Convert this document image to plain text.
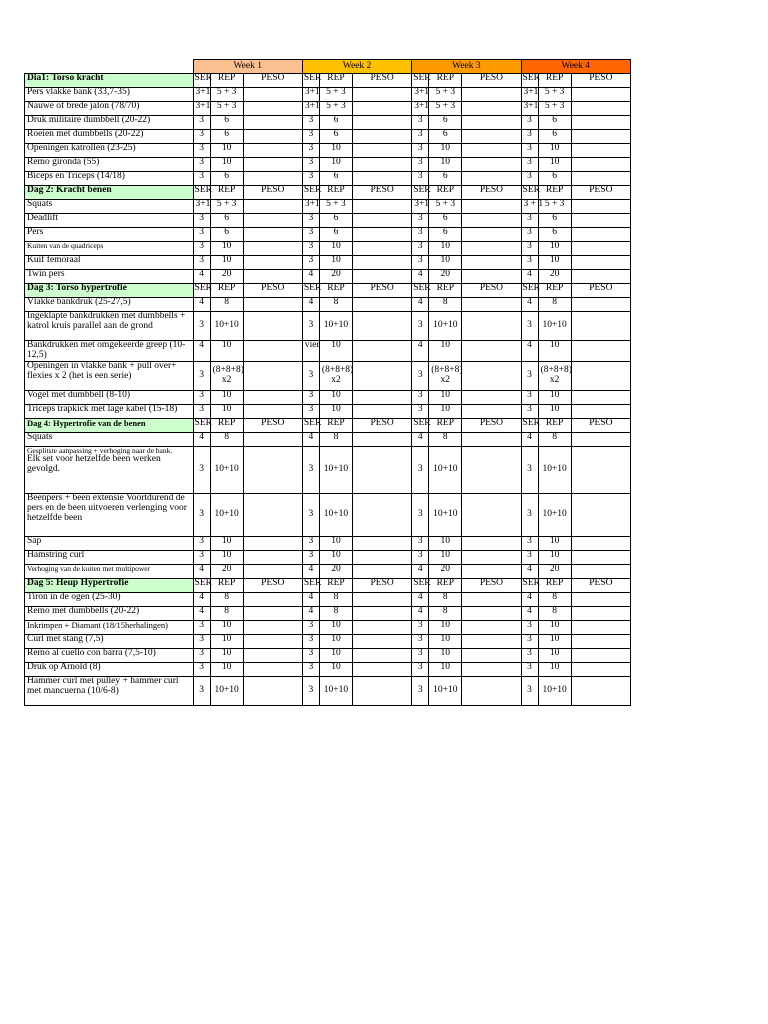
	Week 1			Week 2			Week 3			Week 4		
Dia1: Torso kracht	SER	REP	PESO	SER	REP	PESO	SER	REP	PESO	SER	REP	PESO
Pers vlakke bank (33,7-35)	3+1	5 + 3		3+1	5 + 3		3+1	5 + 3		3+1	5 + 3	
Nauwe of brede jalon (78/70)	3+1	5 + 3		3+1	5 + 3		3+1	5 + 3		3+1	5 + 3	
Druk militaire dumbbell (20-22)	3	6		3	6		3	6		3	6	
Roeien met dumbbells (20-22)	3	6		3	6		3	6		3	6	
Openingen katrollen (23-25)	3	10		3	10		3	10		3	10	
Remo gironda (55)	3	10		3	10		3	10		3	10	
Biceps en Triceps (14/18)	3	6		3	6		3	6		3	6	
Dag 2: Kracht benen	SER	REP	PESO	SER	REP	PESO	SER	REP	PESO	SER	REP	PESO
Squats	3+1	5 + 3		3+1	5 + 3		3+1	5 + 3		3 + 1	5 + 3	
Deadlift	3	6		3	6		3	6		3	6	
Pers	3	6		3	6		3	6		3	6	
Kuiten van de quadriceps	3	10		3	10		3	10		3	10	
Kuif femoraal	3	10		3	10		3	10		3	10	
Twin pers	4	20		4	20		4	20		4	20	
Dag 3: Torso hypertrofie	SER	REP	PESO	SER	REP	PESO	SER	REP	PESO	SER	REP	PESO
Vlakke bankdruk (25-27,5)	4	8		4	8		4	8		4	8	
Ingeklapte bankdrukken met dumbbells + katrol kruis parallel aan de grond	3	10+10		3	10+10		3	10+10		3	10+10	
Bankdrukken met omgekeerde greep (10-12,5)	4	10		vier	10		4	10		4	10	
Openingen in vlakke bank + pull over+ flexies x 2 (het is een serie)	3	(8+8+8) x2		3	(8+8+8) x2		3	(8+8+8) x2		3	(8+8+8) x2	
Vogel met dumbbell (8-10)	3	10		3	10		3	10		3	10	
Triceps trapkick met lage kabel (15-18)	3	10		3	10		3	10		3	10	
Dag 4: Hypertrofie van de benen	SER	REP	PESO	SER	REP	PESO	SER	REP	PESO	SER	REP	PESO
Squats	4	8		4	8		4	8		4	8	

Gesplitste aanpassing + verhoging naar de bank.
Elk set voor hetzelfde been werken gevolgd.	3	10+10		3	10+10		3	10+10		3	10+10	
Beenpers + been extensie Voortdurend de pers en de been uitvoeren verlenging voor hetzelfde been	3	10+10		3	10+10		3	10+10		3	10+10	
Sap	3	10		3	10		3	10		3	10	
Hamstring curl	3	10		3	10		3	10		3	10	
Verhoging van de kuiten met multipower	4	20		4	20		4	20		4	20	
Dag 5: Heup Hypertrofie	SER	REP	PESO	SER	REP	PESO	SER	REP	PESO	SER	REP	PESO
Tiron in de ogen (25-30)	4	8		4	8		4	8		4	8	
Remo met dumbbells (20-22)	4	8		4	8		4	8		4	8	
Inkrimpen + Diamant (18/15herhalingen)	3	10		3	10		3	10		3	10	
Curl met stang (7,5)	3	10		3	10		3	10		3	10	
Remo al cuello con barra (7,5-10)	3	10		3	10		3	10		3	10	
Druk op Arnold (8)	3	10		3	10		3	10		3	10	
Hammer curl met pulley + hammer curl met mancuerna (10/6-8)	3	10+10		3	10+10		3	10+10		3	10+10	
